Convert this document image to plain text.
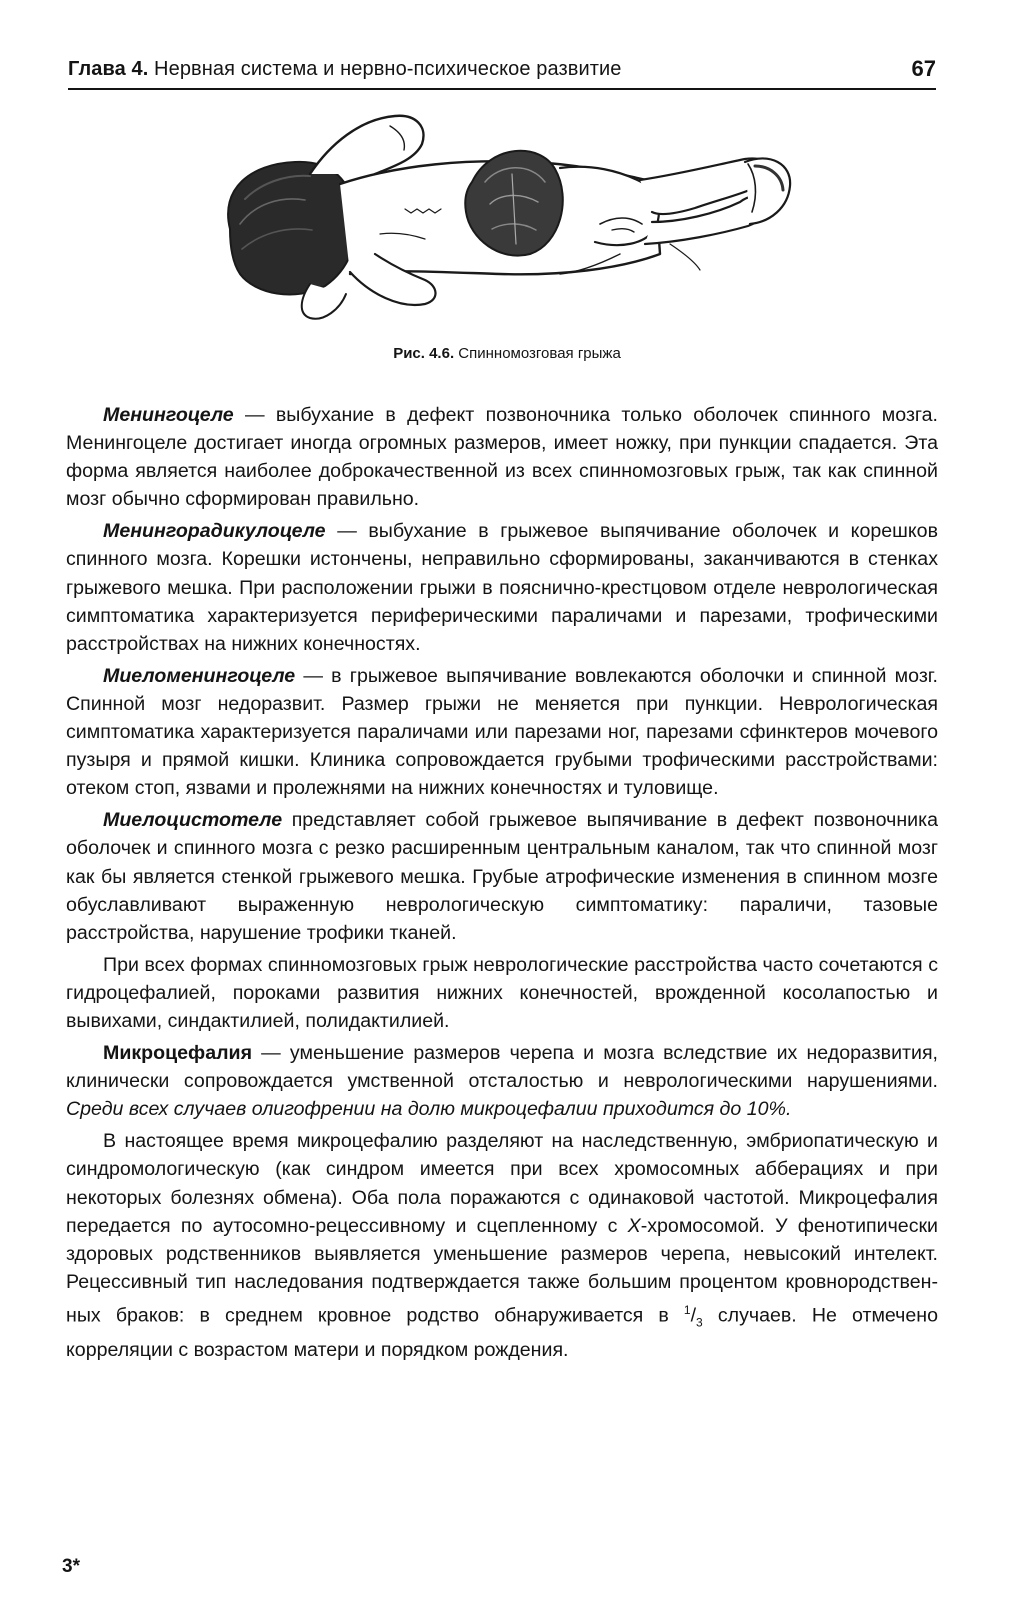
Глава 4. Нервная система и нервно-психическое развитие	67
Рис. 4.6. Спинномозговая грыжа

Менингоцеле — выбухание в дефект позвоночника только оболочек спинного мозга. Менингоцеле достигает иногда огромных размеров, имеет ножку, при пункции спадается. Эта форма является наиболее доброкачественной из всех спинномозговых грыж, так как спинной мозг обычно сформирован правильно.

Менингорадикулоцеле — выбухание в грыжевое выпячивание оболочек и корешков спинного мозга. Корешки истончены, неправильно сформированы, заканчиваются в стенках грыжевого мешка. При расположении грыжи в пояснично-крестцовом отделе неврологическая симптоматика характеризуется периферическими параличами и парезами, трофическими расстройствах на нижних конечностях.

Миеломенингоцеле — в грыжевое выпячивание вовлекаются оболочки и спинной мозг. Спинной мозг недоразвит. Размер грыжи не меняется при пункции. Неврологическая симптоматика характеризуется параличами или парезами ног, парезами сфинктеров мочевого пузыря и прямой кишки. Клиника сопровождается грубыми трофическими расстройствами: отеком стоп, язвами и пролежнями на нижних конечностях и туловище.

Миелоцистотеле представляет собой грыжевое выпячивание в дефект позвоночника оболочек и спинного мозга с резко расширенным центральным каналом, так что спинной мозг как бы является стенкой грыжевого мешка. Грубые атрофические изменения в спинном мозге обуславливают выраженную неврологическую симптоматику: параличи, тазовые расстройства, нарушение трофики тканей.

При всех формах спинномозговых грыж неврологические расстройства часто сочетаются с гидроцефалией, пороками развития нижних конечностей, врожденной косолапостью и вывихами, синдактилией, полидактилией.

Микроцефалия — уменьшение размеров черепа и мозга вследствие их недоразвития, клинически сопровождается умственной отсталостью и неврологическими нарушениями. Среди всех случаев олигофрении на долю микроцефалии приходится до 10%.

В настоящее время микроцефалию разделяют на наследственную, эмбриопатическую и синдромологическую (как синдром имеется при всех хромосомных абберациях и при некоторых болезнях обмена). Оба пола поражаются с одинаковой частотой. Микроцефалия передается по аутосомно-рецессивному и сцепленному с Х-хромосомой. У фенотипически здоровых родственников выявляется уменьшение размеров черепа, невысокий интелект. Рецессивный тип наследования подтверждается также большим процентом кровнородственных браков: в среднем кровное родство обнаруживается в $^1/_3$ случаев. Не отмечено корреляции с возрастом матери и порядком рождения.

3*
